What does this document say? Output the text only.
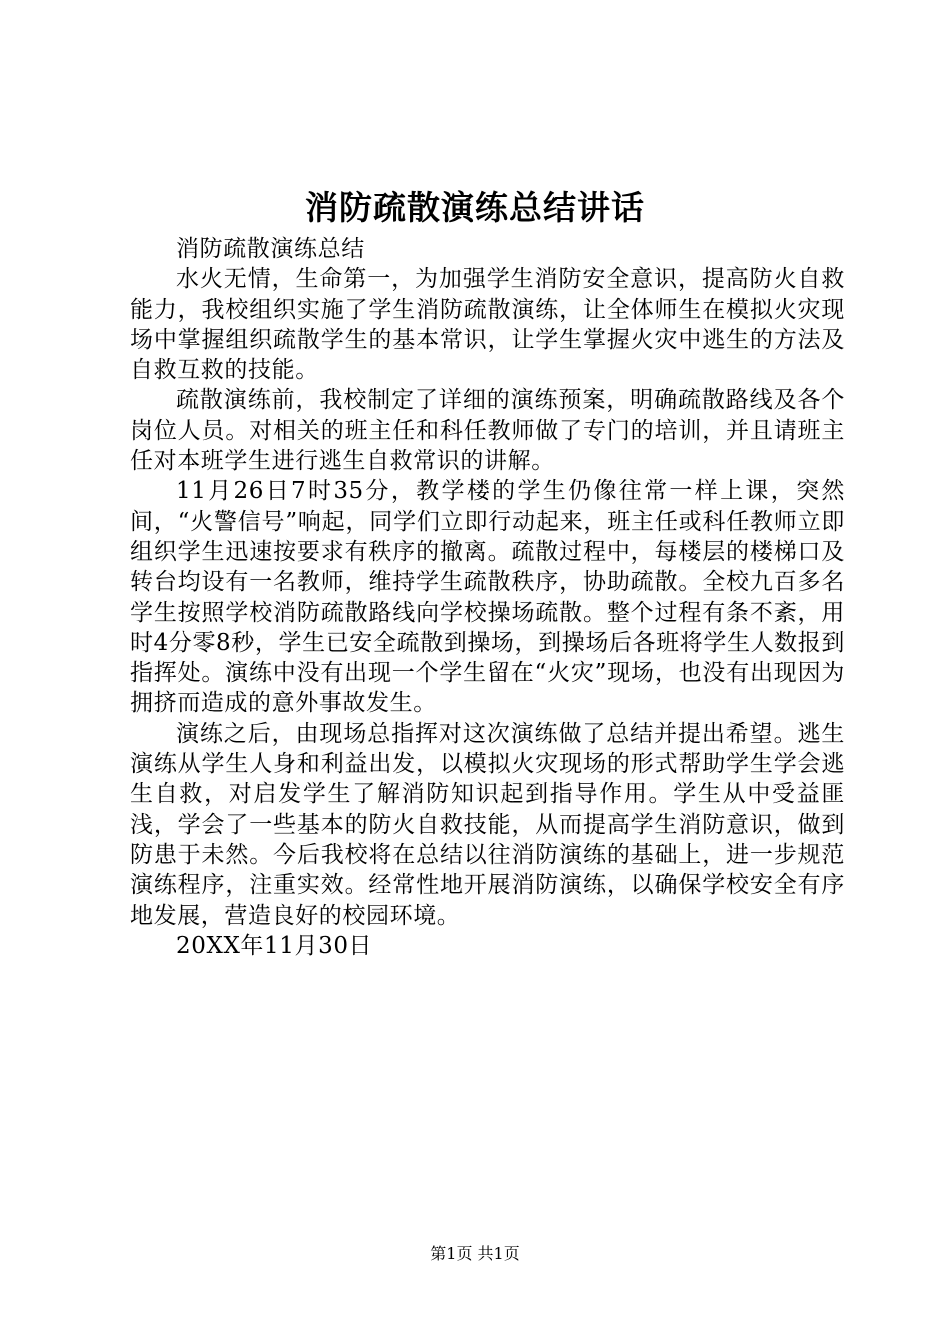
消防疏散演练总结讲话

消防疏散演练总结

水火无情，生命第一，为加强学生消防安全意识，提高防火自救能力，我校组织实施了学生消防疏散演练，让全体师生在模拟火灾现场中掌握组织疏散学生的基本常识，让学生掌握火灾中逃生的方法及自救互救的技能。

疏散演练前，我校制定了详细的演练预案，明确疏散路线及各个岗位人员。对相关的班主任和科任教师做了专门的培训，并且请班主任对本班学生进行逃生自救常识的讲解。

11月26日7时35分，教学楼的学生仍像往常一样上课，突然间，“火警信号”响起，同学们立即行动起来，班主任或科任教师立即组织学生迅速按要求有秩序的撤离。疏散过程中，每楼层的楼梯口及转台均设有一名教师，维持学生疏散秩序，协助疏散。全校九百多名学生按照学校消防疏散路线向学校操场疏散。整个过程有条不紊，用时4分零8秒，学生已安全疏散到操场，到操场后各班将学生人数报到指挥处。演练中没有出现一个学生留在“火灾”现场，也没有出现因为拥挤而造成的意外事故发生。

演练之后，由现场总指挥对这次演练做了总结并提出希望。逃生演练从学生人身和利益出发，以模拟火灾现场的形式帮助学生学会逃生自救，对启发学生了解消防知识起到指导作用。学生从中受益匪浅，学会了一些基本的防火自救技能，从而提高学生消防意识，做到防患于未然。今后我校将在总结以往消防演练的基础上，进一步规范演练程序，注重实效。经常性地开展消防演练，以确保学校安全有序地发展，营造良好的校园环境。

20XX年11月30日

第1页 共1页
